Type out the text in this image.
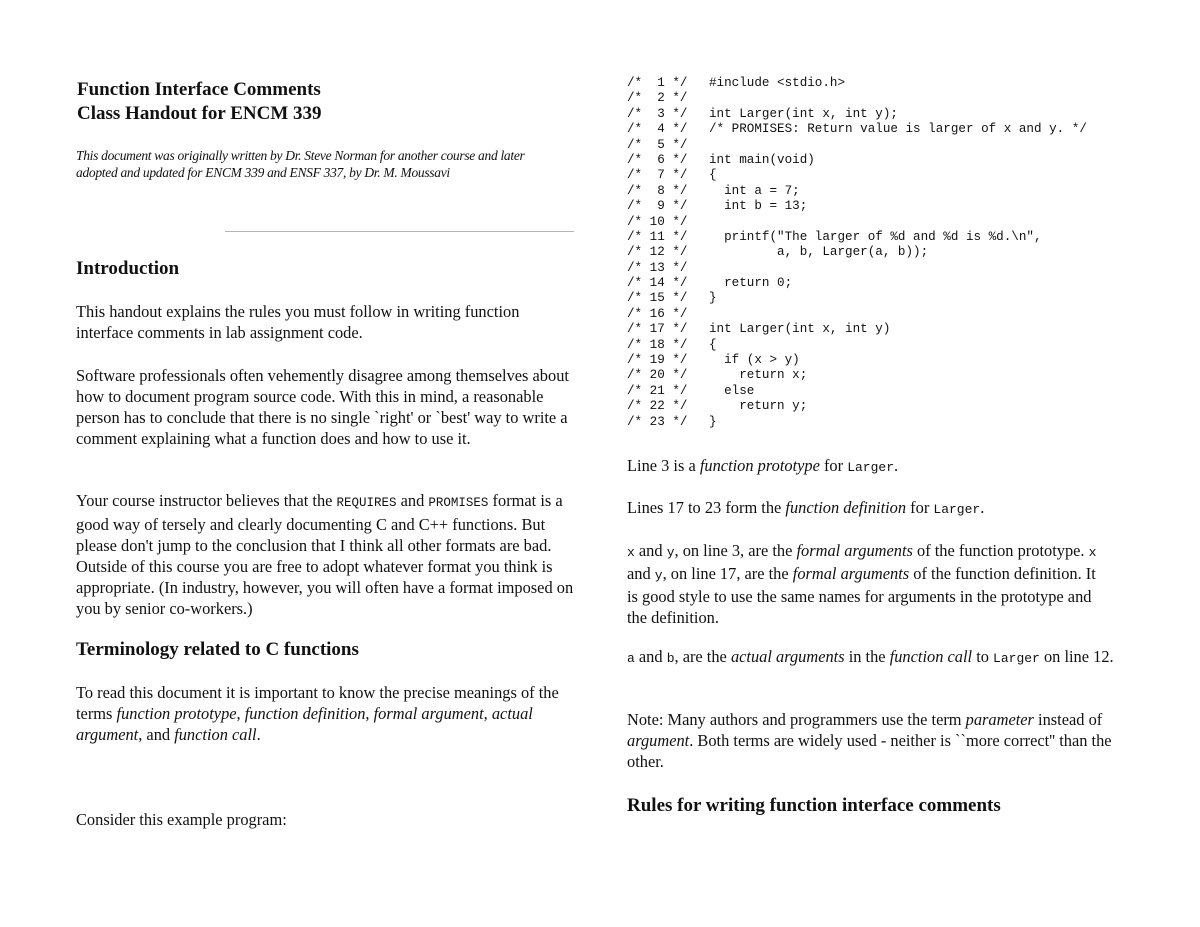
Function Interface Comments
Class Handout for ENCM 339
This document was originally written by Dr. Steve Norman for another course and later adopted and updated for ENCM 339 and ENSF 337, by Dr. M. Moussavi
Introduction

This handout explains the rules you must follow in writing function interface comments in lab assignment code.

Software professionals often vehemently disagree among themselves about how to document program source code. With this in mind, a reasonable person has to conclude that there is no single `right' or `best' way to write a comment explaining what a function does and how to use it.

Your course instructor believes that the REQUIRES and PROMISES format is a good way of tersely and clearly documenting C and C++ functions. But please don't jump to the conclusion that I think all other formats are bad. Outside of this course you are free to adopt whatever format you think is appropriate. (In industry, however, you will often have a format imposed on you by senior co-workers.)

Terminology related to C functions

To read this document it is important to know the precise meanings of the terms function prototype, function definition, formal argument, actual argument, and function call.

Consider this example program:

/*  1 */ #include <stdio.h>
/*  2 */
/*  3 */ int Larger(int x, int y);
/*  4 */ /* PROMISES: Return value is larger of x and y. */
/*  5 */
/*  6 */ int main(void)
/*  7 */ {
/*  8 */  int a = 7;
/*  9 */  int b = 13;
/* 10 */
/* 11 */  printf("The larger of %d and %d is %d.\n",
/* 12 */         a, b, Larger(a, b));
/* 13 */
/* 14 */  return 0;
/* 15 */ }
/* 16 */
/* 17 */ int Larger(int x, int y)
/* 18 */ {
/* 19 */  if (x > y)
/* 20 */    return x;
/* 21 */  else
/* 22 */    return y;
/* 23 */ }

Line 3 is a function prototype for Larger.

Lines 17 to 23 form the function definition for Larger.

x and y, on line 3, are the formal arguments of the function prototype. x and y, on line 17, are the formal arguments of the function definition. It is good style to use the same names for arguments in the prototype and the definition.

a and b, are the actual arguments in the function call to Larger on line 12.

Note: Many authors and programmers use the term parameter instead of argument. Both terms are widely used - neither is ``more correct'' than the other.

Rules for writing function interface comments
